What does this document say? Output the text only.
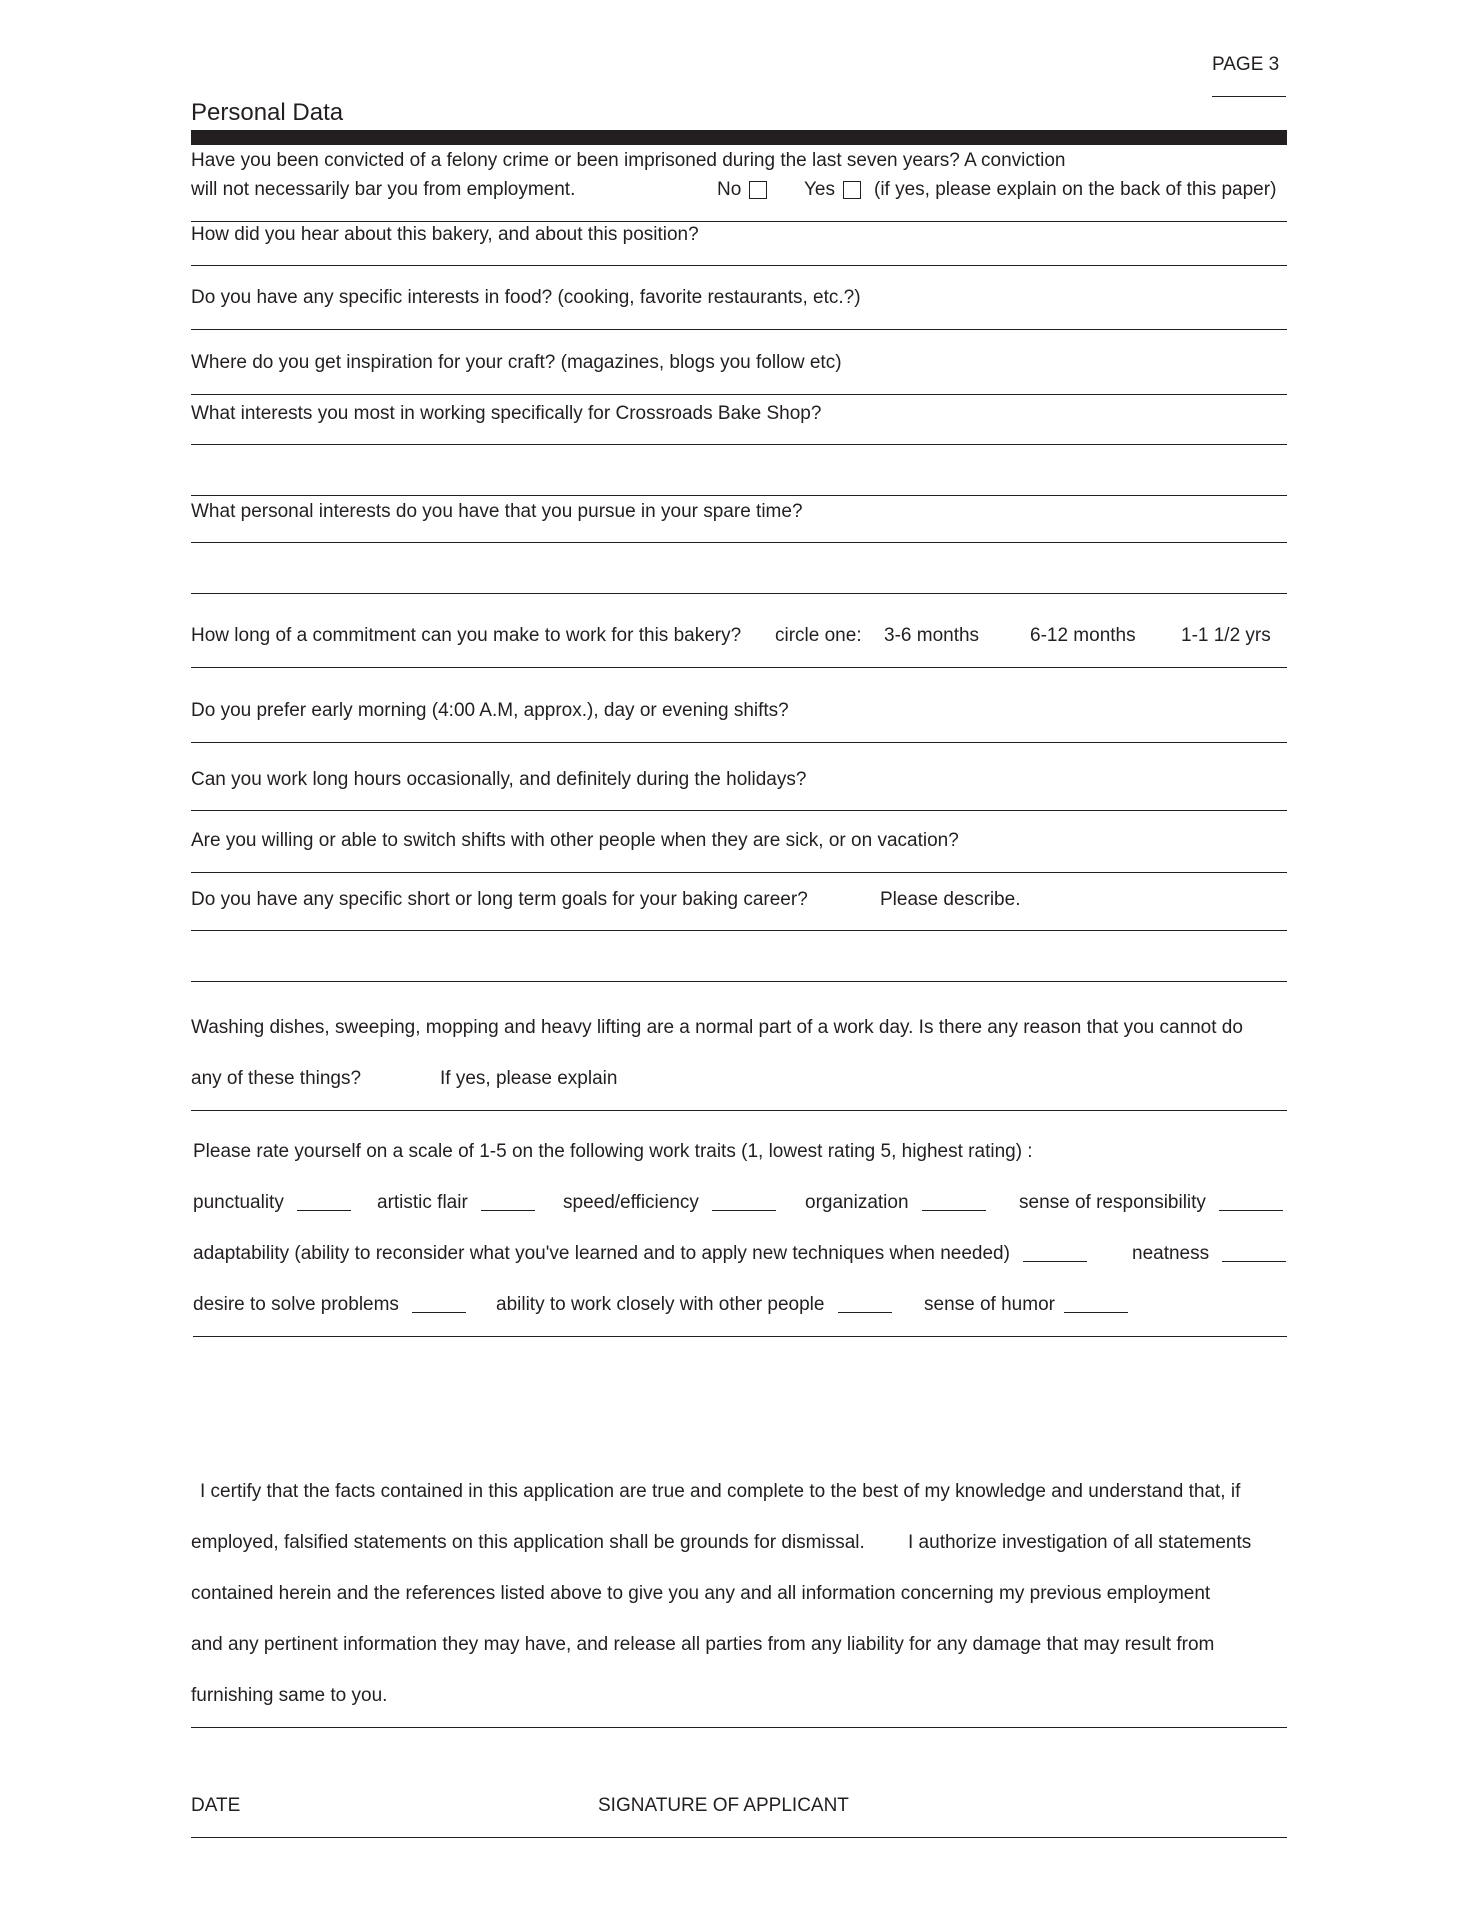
PAGE 3
Personal Data
Have you been convicted of a felony crime or been imprisoned during the last seven years? A conviction
will not necessarily bar you from employment.	No	Yes	(if yes, please explain on the back of this paper)
How did you hear about this bakery, and about this position?
Do you have any specific interests in food? (cooking, favorite restaurants, etc.?)
Where do you get inspiration for your craft? (magazines, blogs you follow etc)
What interests you most in working specifically for Crossroads Bake Shop?
What personal interests do you have that you pursue in your spare time?
How long of a commitment can you make to work for this bakery? circle one: 3-6 months	6-12 months 1-1 1/2 yrs
Do you prefer early morning (4:00 A.M, approx.), day or evening shifts?
Can you work long hours occasionally, and definitely during the holidays?
Are you willing or able to switch shifts with other people when they are sick, or on vacation?
Do you have any specific short or long term goals for your baking career?	Please describe.
Washing dishes, sweeping, mopping and heavy lifting are a normal part of a work day. Is there any reason that you cannot do
any of these things?	If yes, please explain
Please rate yourself on a scale of 1-5 on the following work traits (1, lowest rating 5, highest rating) :
punctuality	artistic flair	speed/efficiency	organization	sense of responsibility
adaptability (ability to reconsider what you've learned and to apply new techniques when needed)	neatness
desire to solve problems	ability to work closely with other people	sense of humor
I certify that the facts contained in this application are true and complete to the best of my knowledge and understand that, if
employed, falsified statements on this application shall be grounds for dismissal. I authorize investigation of all statements
contained herein and the references listed above to give you any and all information concerning my previous employment
and any pertinent information they may have, and release all parties from any liability for any damage that may result from
furnishing same to you.
DATE	SIGNATURE OF APPLICANT
